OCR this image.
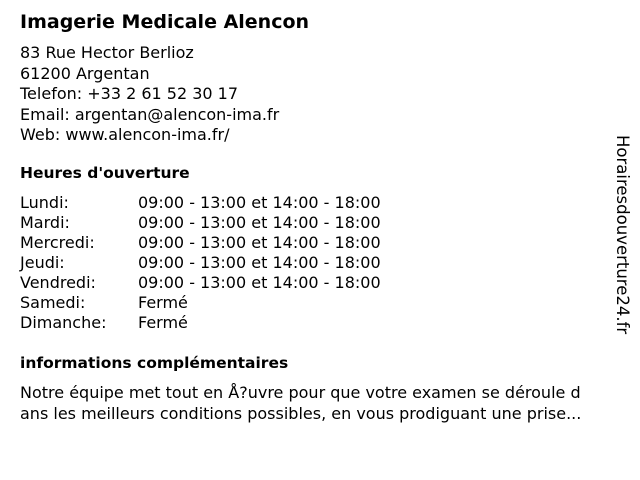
Imagerie Medicale Alencon
83 Rue Hector Berlioz
61200 Argentan
Telefon: +33 2 61 52 30 17
Email: argentan@alencon-ima.fr
Web: www.alencon-ima.fr/
Heures d'ouverture
Lundi:	09:00 - 13:00 et 14:00 - 18:00
Mardi:	09:00 - 13:00 et 14:00 - 18:00
Mercredi:	09:00 - 13:00 et 14:00 - 18:00
Jeudi:	09:00 - 13:00 et 14:00 - 18:00
Vendredi:	09:00 - 13:00 et 14:00 - 18:00
Samedi:	Fermé
Dimanche:	Fermé
informations complémentaires
Notre équipe met tout en Å?uvre pour que votre examen se déroule d
ans les meilleurs conditions possibles, en vous prodiguant une prise...
Horairesdouverture24.fr
